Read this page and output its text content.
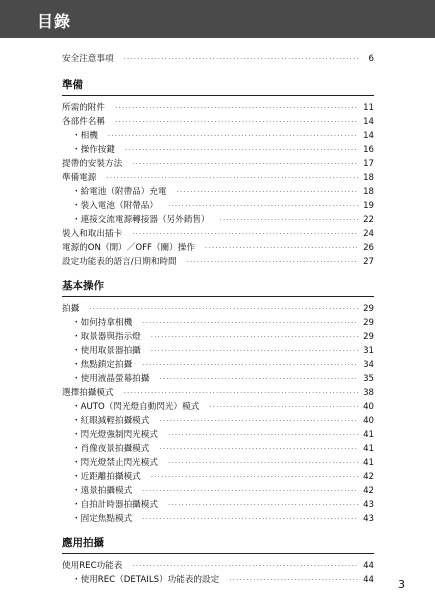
目錄
安全注意事項 ·····	6
準備
所需的附件 ·····	11
各部件名稱 ·····	14
・相機 ·····	14
・操作按鍵 ·····	16
提帶的安裝方法 ·····	17
準備電源 ·····	18
・給電池（附帶品）充電 ·····	18
・裝入電池（附帶品） ·····	19
・連接交流電源轉接器（另外銷售） ·····	22
裝入和取出插卡 ·····	24
電源的ON（開）／OFF（關）操作 ·····	26
設定功能表的語言/日期和時間 ·····	27
基本操作
拍攝 ·····	29
・如何持拿相機 ·····	29
・取景器與指示燈 ·····	29
・使用取景器拍攝 ·····	31
・焦點鎖定拍攝 ·····	34
・使用液晶螢幕拍攝 ·····	35
選擇拍攝模式 ·····	38
・AUTO（閃光燈自動閃光）模式 ·····	40
・紅眼減輕拍攝模式 ·····	40
・閃光燈強制閃光模式 ·····	41
・肖像夜景拍攝模式 ·····	41
・閃光燈禁止閃光模式 ·····	41
・近距離拍攝模式 ·····	42
・遠景拍攝模式 ·····	42
・自拍計時器拍攝模式 ·····	43
・固定焦點模式 ·····	43
應用拍攝
使用REC功能表 ·····	44
・使用REC（DETAILS）功能表的設定 ·····	44 3
